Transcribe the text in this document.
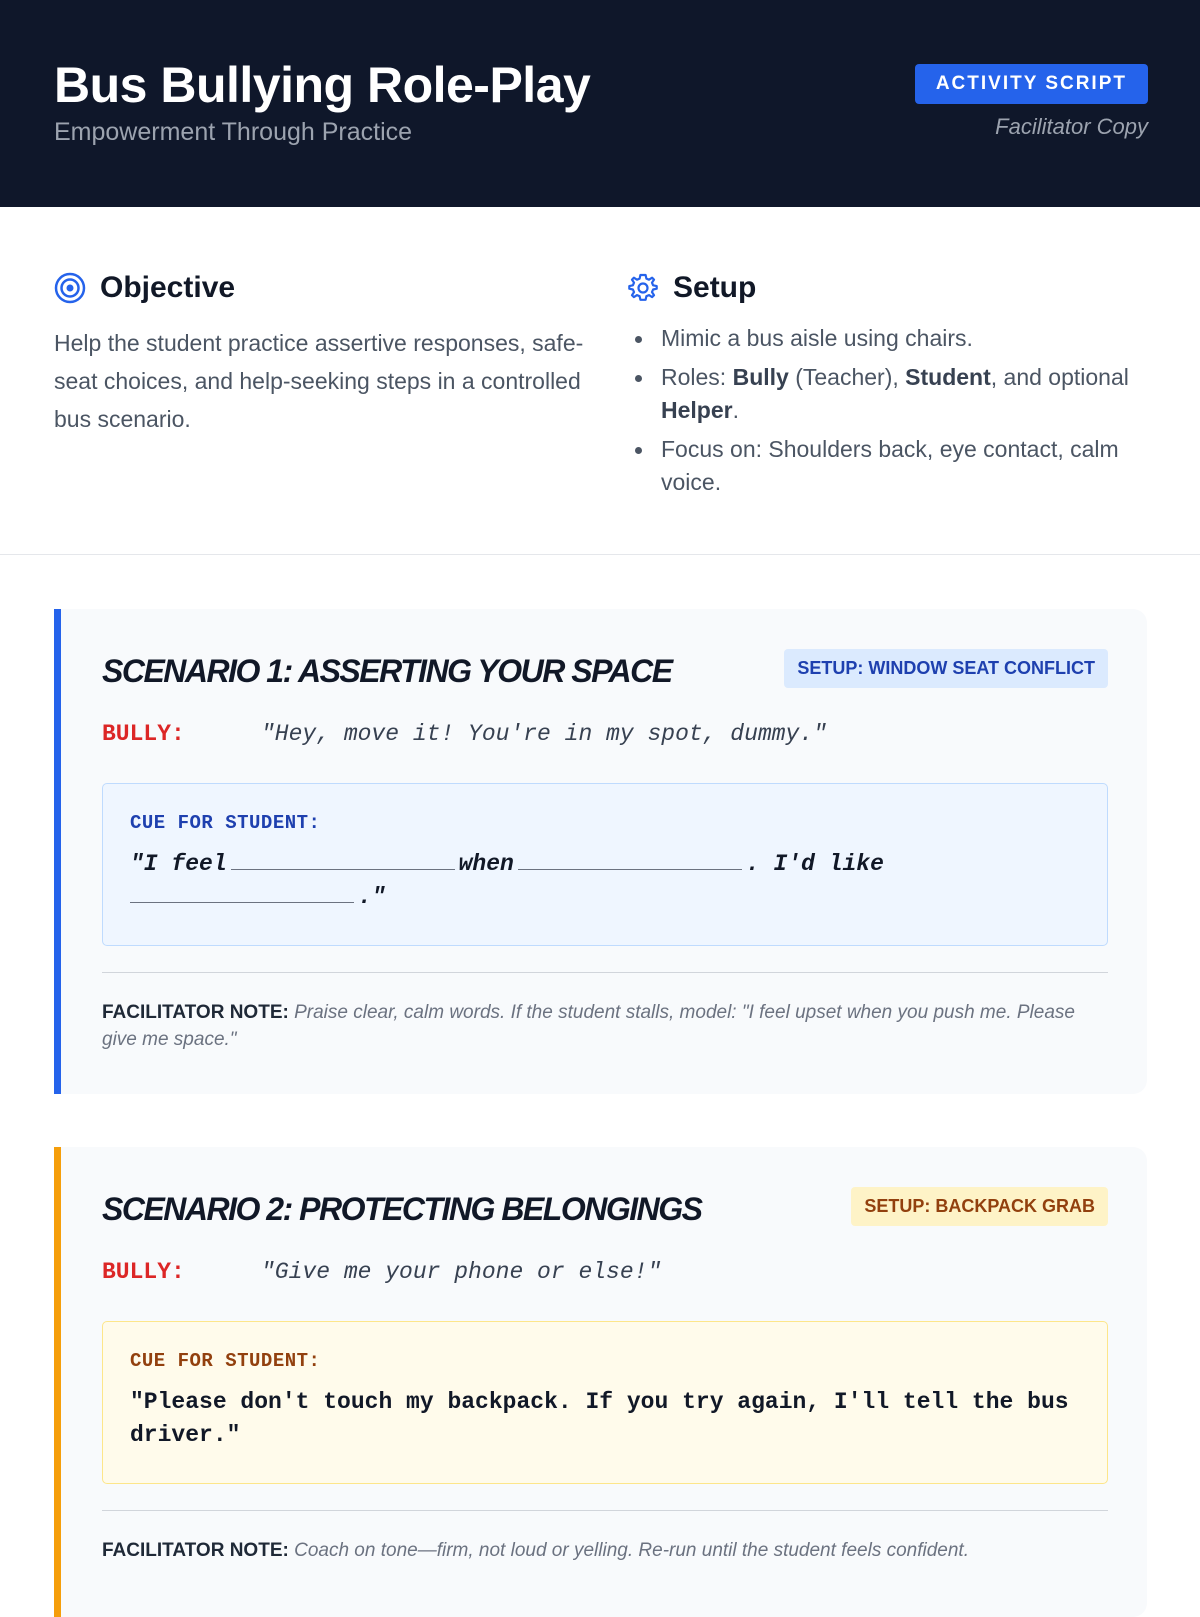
Bus Bullying Role-Play
Empowerment Through Practice
ACTIVITY SCRIPT
Facilitator Copy
Objective

Help the student practice assertive responses, safe-seat choices, and help-seeking steps in a controlled bus scenario.

Setup
Mimic a bus aisle using chairs.
Roles: Bully (Teacher), Student, and optional Helper.
Focus on: Shoulders back, eye contact, calm voice.
SCENARIO 1: ASSERTING YOUR SPACE	SETUP: WINDOW SEAT CONFLICT
BULLY:	"Hey, move it! You're in my spot, dummy."
CUE FOR STUDENT:
"I feel	when	. I'd like
."

FACILITATOR NOTE: Praise clear, calm words. If the student stalls, model: "I feel upset when you push me. Please give me space."

SCENARIO 2: PROTECTING BELONGINGS	SETUP: BACKPACK GRAB
BULLY:	"Give me your phone or else!"
CUE FOR STUDENT:
"Please don't touch my backpack. If you try again, I'll tell the bus driver."

FACILITATOR NOTE: Coach on tone—firm, not loud or yelling. Re-run until the student feels confident.
